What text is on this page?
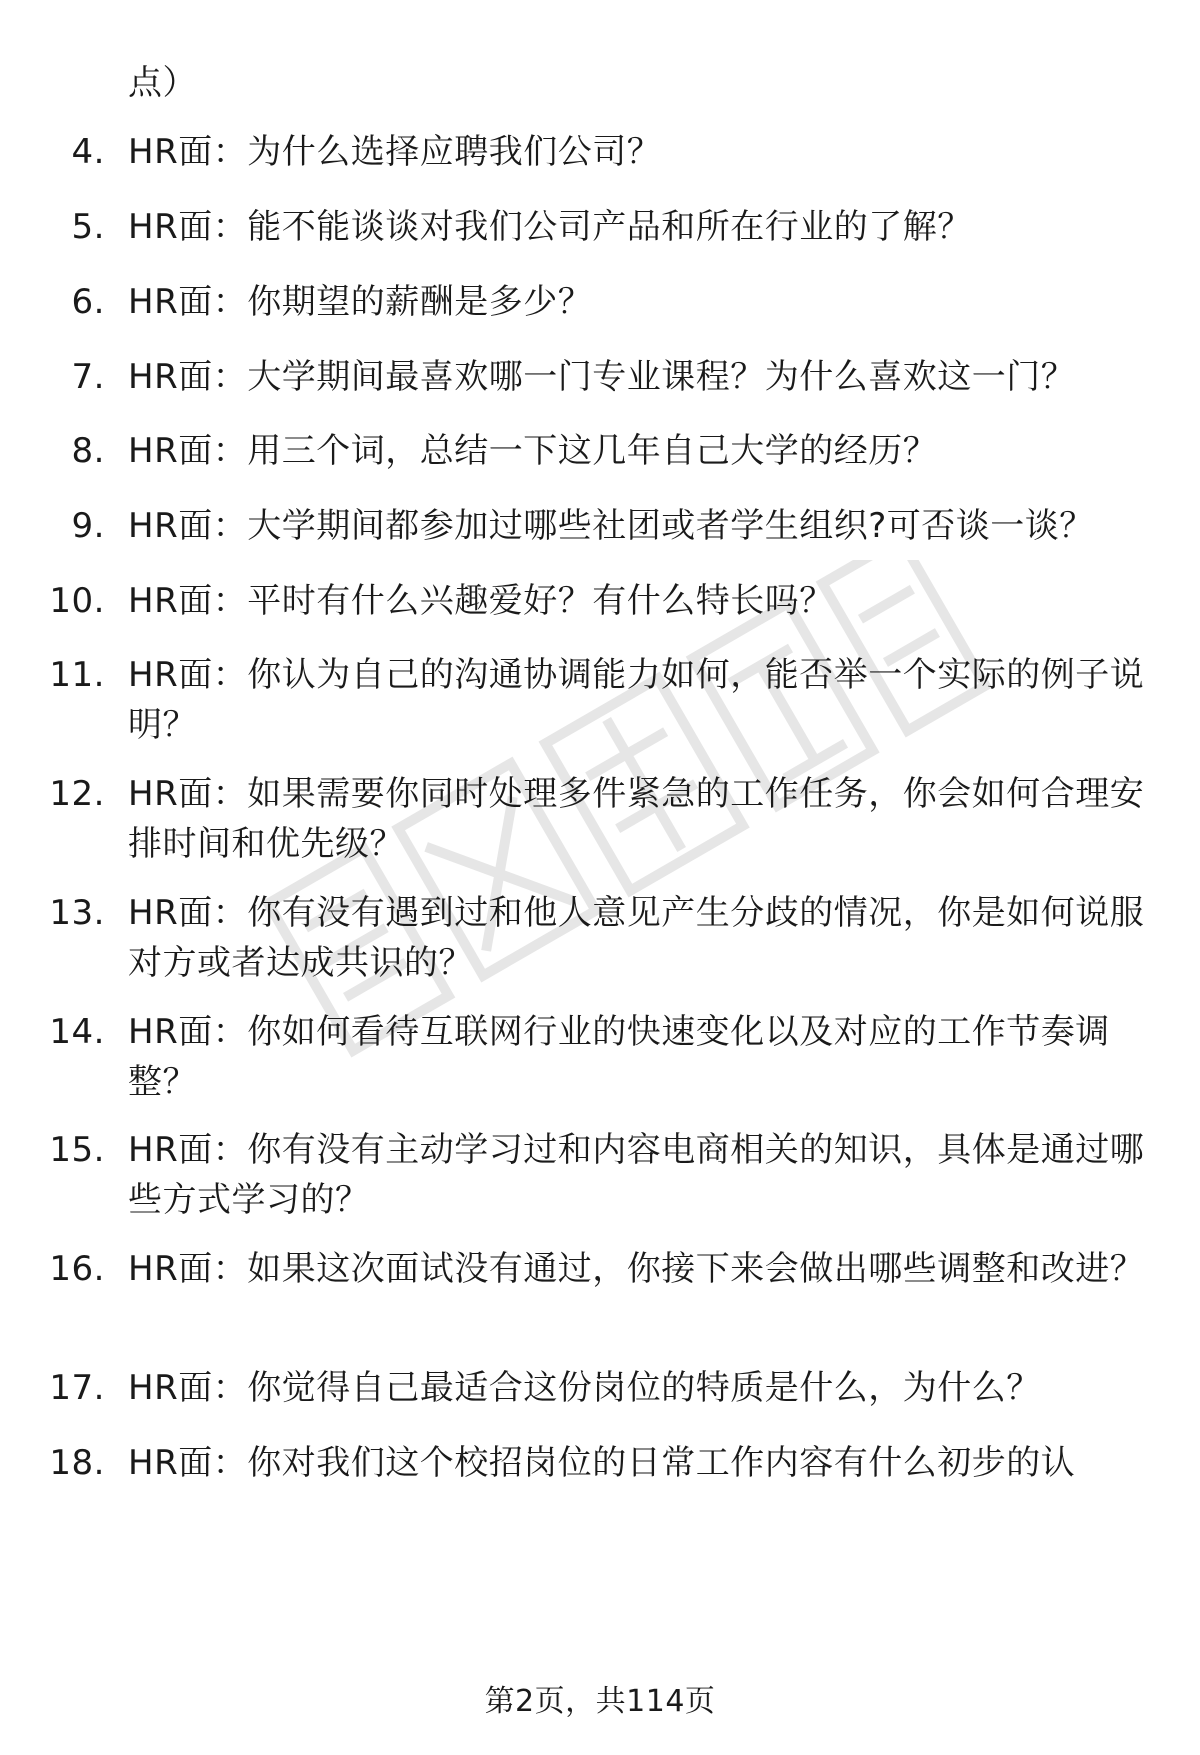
点）
4. HR面：为什么选择应聘我们公司？
5. HR面：能不能谈谈对我们公司产品和所在行业的了解？
6. HR面：你期望的薪酬是多少？
7. HR面：大学期间最喜欢哪一门专业课程？为什么喜欢这一门？
8. HR面：用三个词，总结一下这几年自己大学的经历？
9. HR面：大学期间都参加过哪些社团或者学生组织?可否谈一谈？
10. HR面：平时有什么兴趣爱好？有什么特长吗？
11. HR面：你认为自己的沟通协调能力如何，能否举一个实际的例子说明？
12. HR面：如果需要你同时处理多件紧急的工作任务，你会如何合理安排时间和优先级？
13. HR面：你有没有遇到过和他人意见产生分歧的情况，你是如何说服对方或者达成共识的？
14. HR面：你如何看待互联网行业的快速变化以及对应的工作节奏调整？
15. HR面：你有没有主动学习过和内容电商相关的知识，具体是通过哪些方式学习的？
16. HR面：如果这次面试没有通过，你接下来会做出哪些调整和改进？
17. HR面：你觉得自己最适合这份岗位的特质是什么，为什么？
18. HR面：你对我们这个校招岗位的日常工作内容有什么初步的认
第2页，共114页
